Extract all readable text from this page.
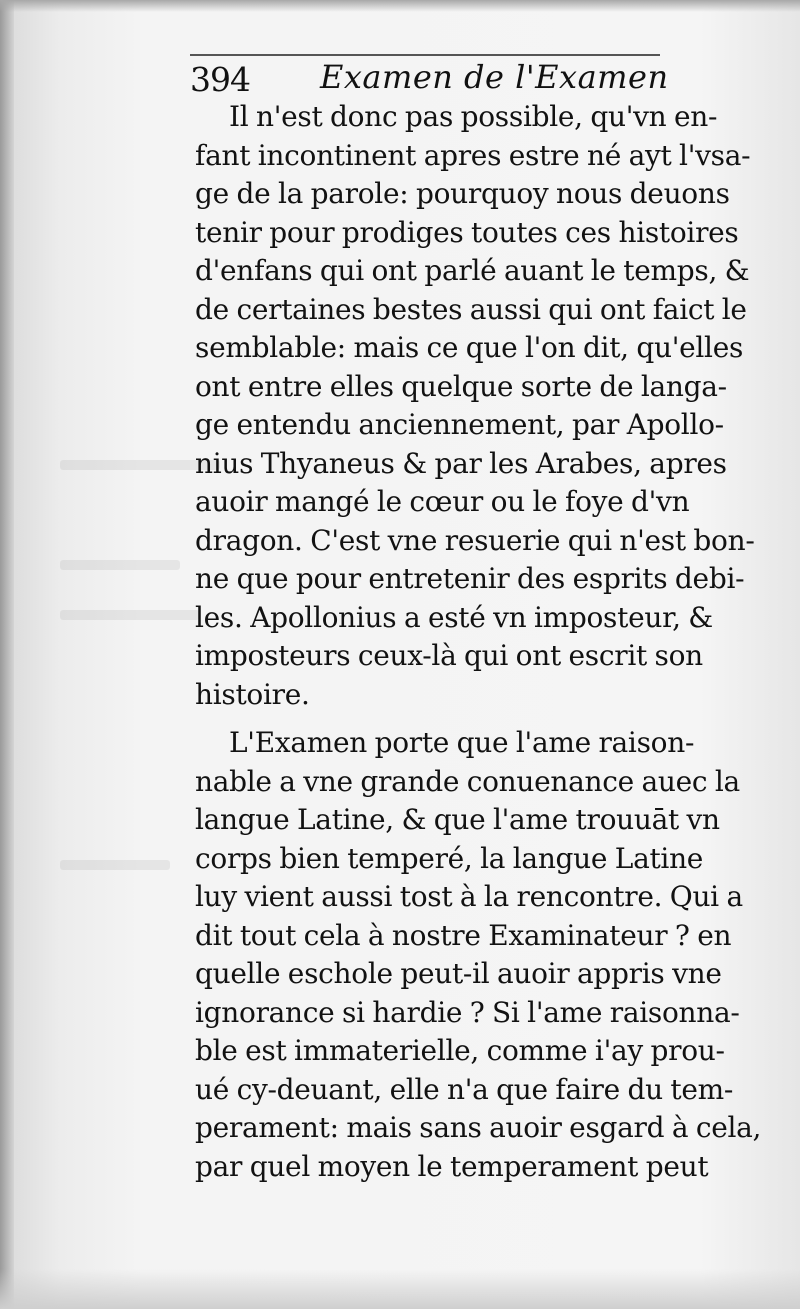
394 Examen de l'Examen
Il n'est donc pas possible, qu'vn en-
fant incontinent apres estre né ayt l'vsa-
ge de la parole: pourquoy nous deuons
tenir pour prodiges toutes ces histoires
d'enfans qui ont parlé auant le temps, &
de certaines bestes aussi qui ont faict le
semblable: mais ce que l'on dit, qu'elles
ont entre elles quelque sorte de langa-
ge entendu anciennement, par Apollo-
nius Thyaneus & par les Arabes, apres
auoir mangé le cœur ou le foye d'vn
dragon. C'est vne resuerie qui n'est bon-
ne que pour entretenir des esprits debi-
les. Apollonius a esté vn imposteur, &
imposteurs ceux-là qui ont escrit son
histoire.
L'Examen porte que l'ame raison-
nable a vne grande conuenance auec la
langue Latine, & que l'ame trouuāt vn
corps bien temperé, la langue Latine
luy vient aussi tost à la rencontre. Qui a
dit tout cela à nostre Examinateur ? en
quelle eschole peut-il auoir appris vne
ignorance si hardie ? Si l'ame raisonna-
ble est immaterielle, comme i'ay prou-
ué cy-deuant, elle n'a que faire du tem-
perament: mais sans auoir esgard à cela,
par quel moyen le temperament peut
